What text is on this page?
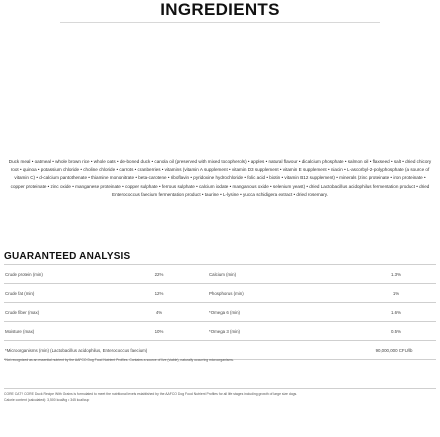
INGREDIENTS
Duck meal • oatmeal • whole brown rice • whole oats • de-boned duck • canola oil (preserved with mixed tocopherols) • apples • natural flavour • dicalcium phosphate • salmon oil • flaxseed • salt • dried chicory root • quinoa • potassium chloride • choline chloride • carrots • cranberries • vitamins (vitamin A supplement • vitamin D3 supplement • vitamin E supplement • niacin • L-ascorbyl-2-polyphosphate (a source of vitamin C) • d-calcium pantothenate • thiamine mononitrate • beta-carotene • riboflavin • pyridoxine hydrochloride • folic acid • biotin • vitamin B12 supplement) • minerals (zinc proteinate • iron proteinate • copper proteinate • zinc oxide • manganese proteinate • copper sulphate • ferrous sulphate • calcium iodate • manganous oxide • selenium yeast) • dried Lactobacillus acidophilus fermentation product • dried Enterococcus faecium fermentation product • taurine • L-lysine • yucca schidigera extract • dried rosemary.
GUARANTEED ANALYSIS
Crude protein (min)	22%	Calcium (min)	1.3%
Crude fat (min)	12%	Phosphorus (min)	1%
Crude fiber (max)	4%	*Omega 6 (min)	1.6%
Moisture (max)	10%	*Omega 3 (min)	0.5%
*Microorganisms (min) (Lactobacillus acidophilus, Enterococcus faecium)	90,000,000 CFU/lb
*Not recognized as an essential nutrient by the AAFCO Dog Food Nutrient Profiles. Contains a source of live (viable), naturally occurring microorganisms.
CORE CAT? CORE Duck Recipe With Grains is formulated to meet the nutritional levels established by the AAFCO Dog Food Nutrient Profiles for all life stages including growth of large size dogs.
Calorie content (calculated): 3,500 kcal/kg • 345 kcal/cup
